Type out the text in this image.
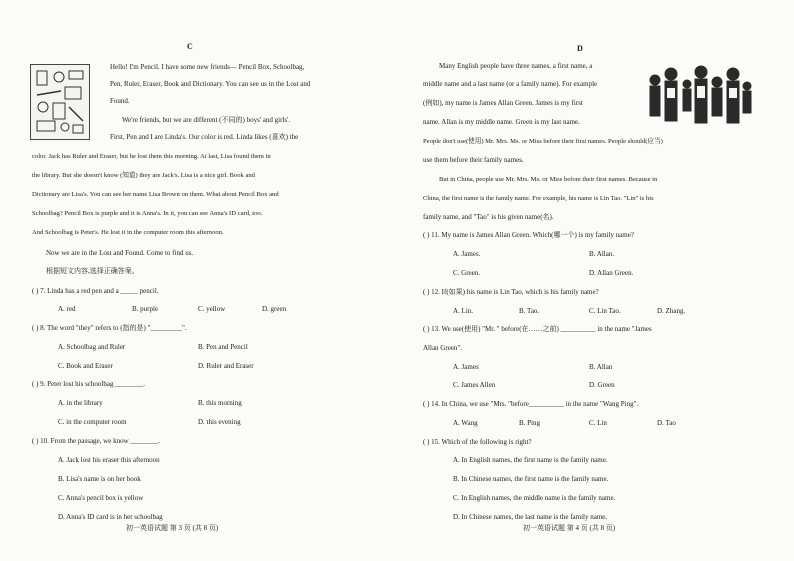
C
Hello! I'm Pencil. I have some new friends— Pencil Box, Schoolbag,
Pen, Ruler, Eraser, Book and Dictionary. You can see us in the Lost and
Found.
We're friends, but we are different (不同的) boys' and girls'.
First, Pen and I are Linda's. Our color is red. Linda likes (喜欢) the
color. Jack has Ruler and Eraser, but he lost them this morning. At last, Lisa found them in
the library. But she doesn't know (知道) they are Jack's. Lisa is a nice girl. Book and
Dictionary are Lisa's. You can see her name Lisa Brown on them. What about Pencil Box and
Schoolbag? Pencil Box is purple and it is Anna's. In it, you can see Anna's ID card, too.
And Schoolbag is Peter's. He lost it in the computer room this afternoon.
Now we are in the Lost and Found. Come to find us.
根据短文内容,选择正确答案。
( ) 7. Linda has a red pen and a _____ pencil.
A. red	B. purple	C. yellow	D. green
( ) 8. The word "they" refers to (指的是) "_________".
A. Schoolbag and Ruler	B. Pen and Pencil
C. Book and Eraser	D. Ruler and Eraser
( ) 9. Peter lost his schoolbag ________.
A. in the library	B. this morning
C. in the computer room	D. this evening
( ) 10. From the passage, we know ________.
A. Jack lost his eraser this afternoon
B. Lisa's name is on her book
C. Anna's pencil box is yellow
D. Anna's ID card is in her schoolbag
初一英语试题 第 3 页 (共 8 页)
D
Many English people have three names, a first name, a
middle name and a last name (or a family name). For example
(例如), my name is James Allan Green. James is my first
name. Allan is my middle name. Green is my last name.
People don't use(使用) Mr. Mrs. Ms. or Miss before their first names. People should(应当)
use them before their family names.
But in China, people use Mr. Mrs. Ms. or Miss before their first names. Because in
China, the first name is the family name. For example, his name is Lin Tao. "Lin" is his
family name, and "Tao" is his given name(名).
( ) 11. My name is James Allan Green. Which(哪一个) is my family name?
A. James.	B. Allan.
C. Green.	D. Allan Green.
( ) 12. If(如果) his name is Lin Tao, which is his family name?
A. Lin.	B. Tao.	C. Lin Tao.	D. Zhang.
( ) 13. We use(使用) "Mr. " before(在……之前) __________ in the name "James
Allan Green".
A. James	B. Allan
C. James Allen	D. Green
( ) 14. In China, we use "Mrs. "before__________ in the name "Wang Ping".
A. Wang	B. Ping	C. Lin	D. Tao
( ) 15. Which of the following is right?
A. In English names, the first name is the family name.
B. In Chinese names, the first name is the family name.
C. In English names, the middle name is the family name.
D. In Chinese names, the last name is the family name.
初一英语试题 第 4 页 (共 8 页)
